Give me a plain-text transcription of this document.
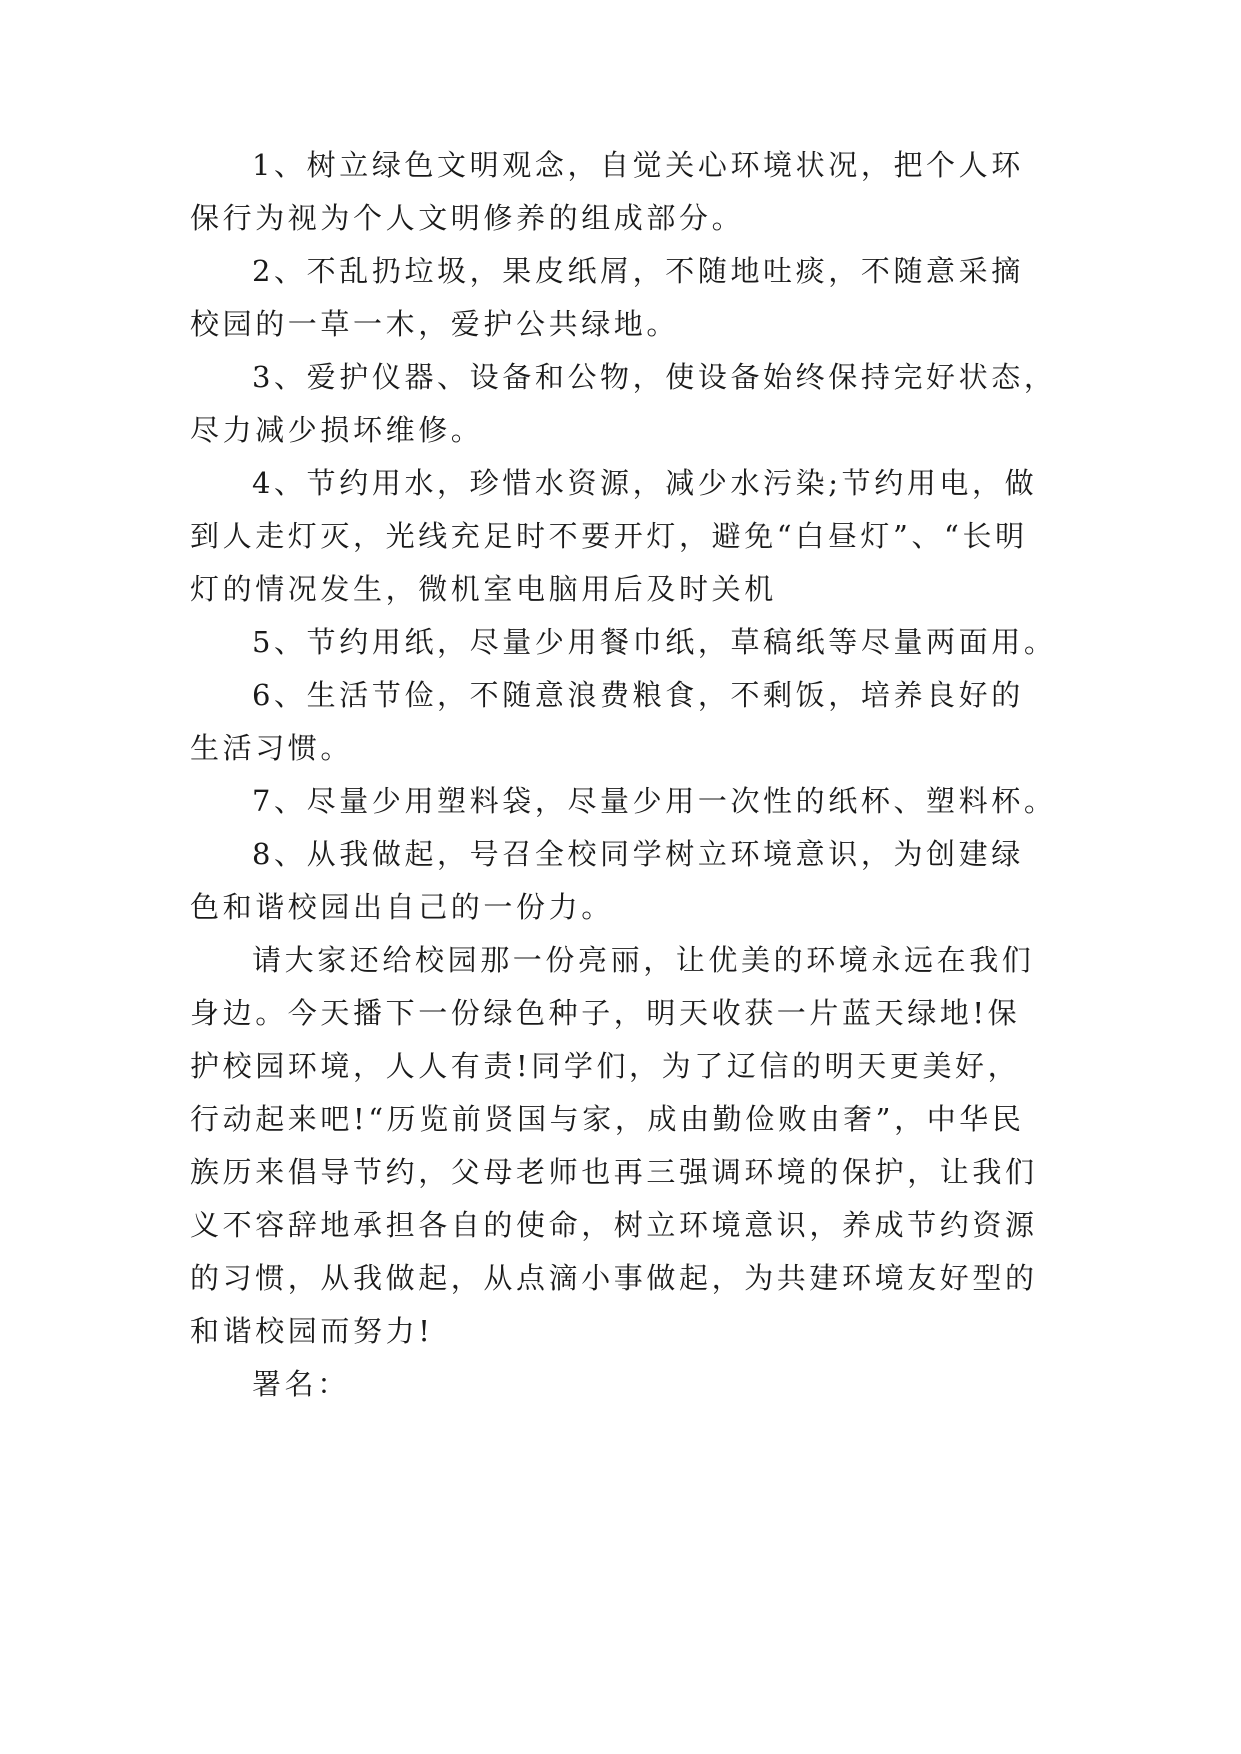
1、树立绿色文明观念，自觉关心环境状况，把个人环

保行为视为个人文明修养的组成部分。

2、不乱扔垃圾，果皮纸屑，不随地吐痰，不随意采摘

校园的一草一木，爱护公共绿地。

3、爱护仪器、设备和公物，使设备始终保持完好状态，

尽力减少损坏维修。

4、节约用水，珍惜水资源，减少水污染;节约用电，做

到人走灯灭，光线充足时不要开灯，避免“白昼灯”、“长明

灯的情况发生，微机室电脑用后及时关机

5、节约用纸，尽量少用餐巾纸，草稿纸等尽量两面用。

6、生活节俭，不随意浪费粮食，不剩饭，培养良好的

生活习惯。

7、尽量少用塑料袋，尽量少用一次性的纸杯、塑料杯。

8、从我做起，号召全校同学树立环境意识，为创建绿

色和谐校园出自己的一份力。

请大家还给校园那一份亮丽，让优美的环境永远在我们

身边。今天播下一份绿色种子，明天收获一片蓝天绿地!保

护校园环境，人人有责!同学们，为了辽信的明天更美好，

行动起来吧!“历览前贤国与家，成由勤俭败由奢”，中华民

族历来倡导节约，父母老师也再三强调环境的保护，让我们

义不容辞地承担各自的使命，树立环境意识，养成节约资源

的习惯，从我做起，从点滴小事做起，为共建环境友好型的

和谐校园而努力!

署名：
